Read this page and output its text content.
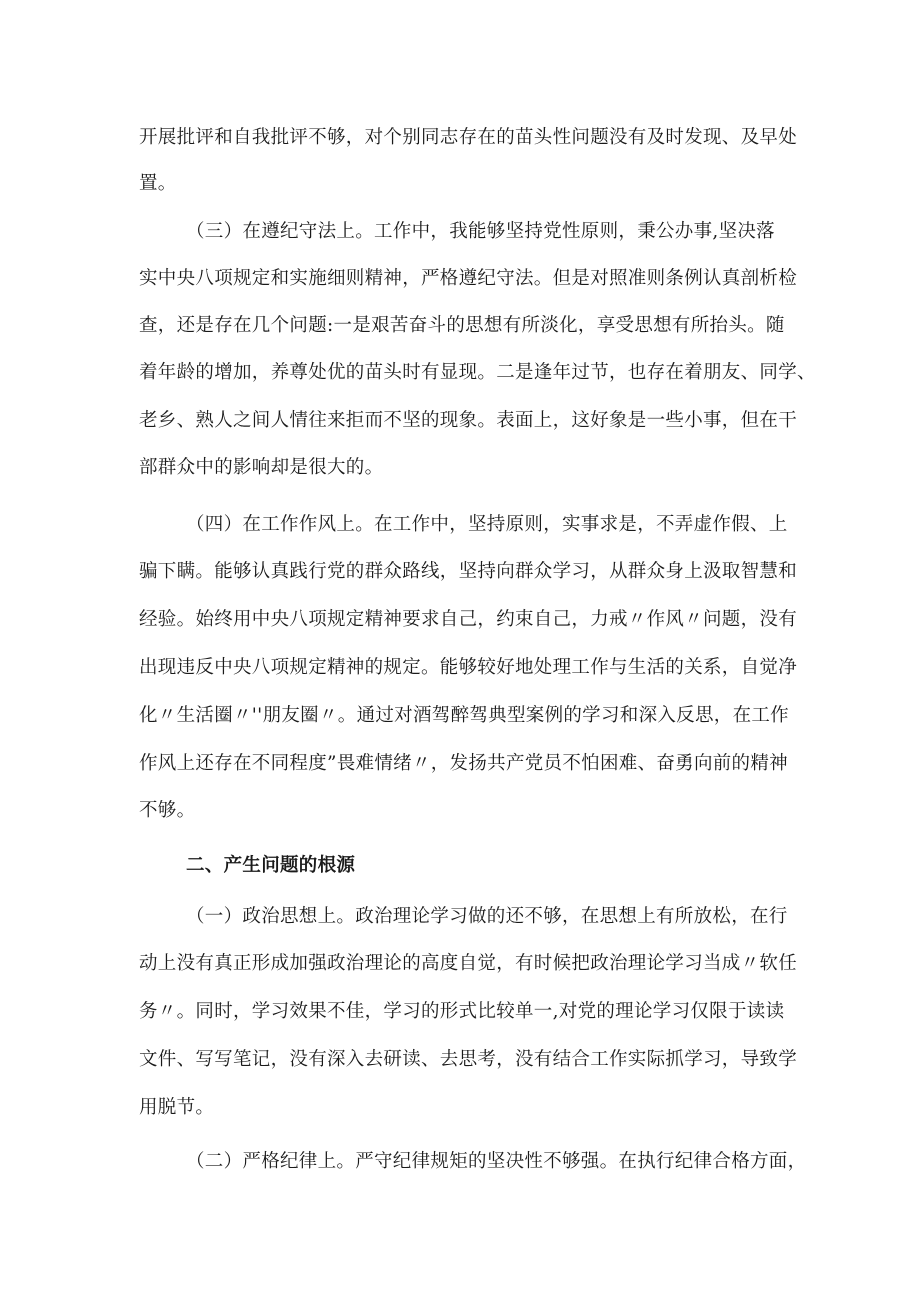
开展批评和自我批评不够，对个别同志存在的苗头性问题没有及时发现、及早处
置。
（三）在遵纪守法上。工作中，我能够坚持党性原则，秉公办事,坚决落
实中央八项规定和实施细则精神，严格遵纪守法。但是对照准则条例认真剖析检
查，还是存在几个问题:一是艰苦奋斗的思想有所淡化，享受思想有所抬头。随
着年龄的增加，养尊处优的苗头时有显现。二是逢年过节，也存在着朋友、同学、
老乡、熟人之间人情往来拒而不坚的现象。表面上，这好象是一些小事，但在干
部群众中的影响却是很大的。
（四）在工作作风上。在工作中，坚持原则，实事求是，不弄虚作假、上
骗下瞒。能够认真践行党的群众路线，坚持向群众学习，从群众身上汲取智慧和
经验。始终用中央八项规定精神要求自己，约束自己，力戒〃作风〃问题，没有
出现违反中央八项规定精神的规定。能够较好地处理工作与生活的关系，自觉净
化〃生活圈〃''朋友圈〃。通过对酒驾醉驾典型案例的学习和深入反思，在工作
作风上还存在不同程度”畏难情绪〃，发扬共产党员不怕困难、奋勇向前的精神
不够。
二、产生问题的根源
（一）政治思想上。政治理论学习做的还不够，在思想上有所放松，在行
动上没有真正形成加强政治理论的高度自觉，有时候把政治理论学习当成〃软任
务〃。同时，学习效果不佳，学习的形式比较单一,对党的理论学习仅限于读读
文件、写写笔记，没有深入去研读、去思考，没有结合工作实际抓学习，导致学
用脱节。
（二）严格纪律上。严守纪律规矩的坚决性不够强。在执行纪律合格方面，
